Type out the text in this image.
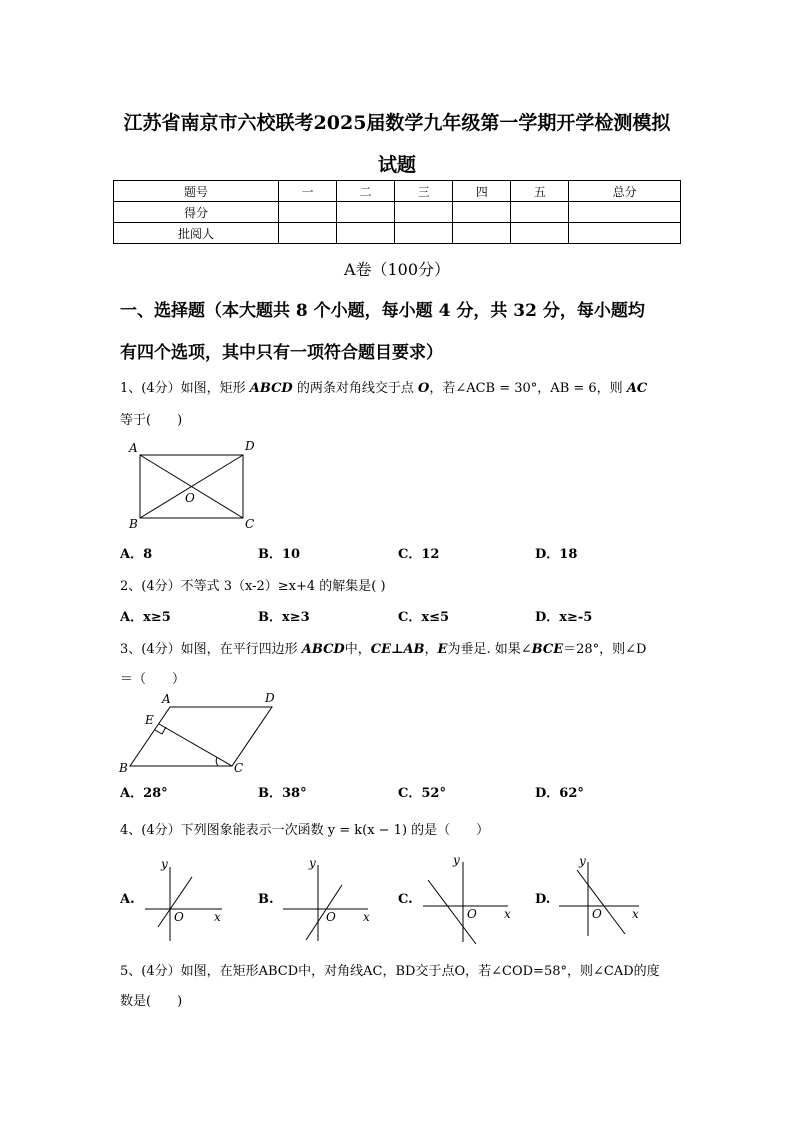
江苏省南京市六校联考2025届数学九年级第一学期开学检测模拟
试题
题号	一	二	三	四	五	总分
得分						
批阅人						
A卷（100分）
一、选择题（本大题共 8 个小题，每小题 4 分，共 32 分，每小题均
有四个选项，其中只有一项符合题目要求）
1、(4分）如图，矩形 ABCD 的两条对角线交于点 O，若∠ACB = 30°，AB = 6，则 AC
等于(　　)
A	D
B	C
O
A．8	B．10	C．12	D．18
2、(4分）不等式 3（x-2）≥x+4 的解集是( )
A．x≥5	B．x≥3	C．x≤5	D．x≥-5
3、(4分）如图，在平行四边形 ABCD中，CE⊥AB，E为垂足. 如果∠BCE＝28°，则∠D
＝（　　）
A	D
E
B	C
A．28°	B．38°	C．52°	D．62°
4、(4分）下列图象能表示一次函数 y = k(x − 1) 的是（　　）
A.
y
x
O
B.
y
x
O
C.
y
x
O
D.
y
x
O
5、(4分）如图，在矩形ABCD中，对角线AC，BD交于点O，若∠COD=58°，则∠CAD的度
数是(　　)
